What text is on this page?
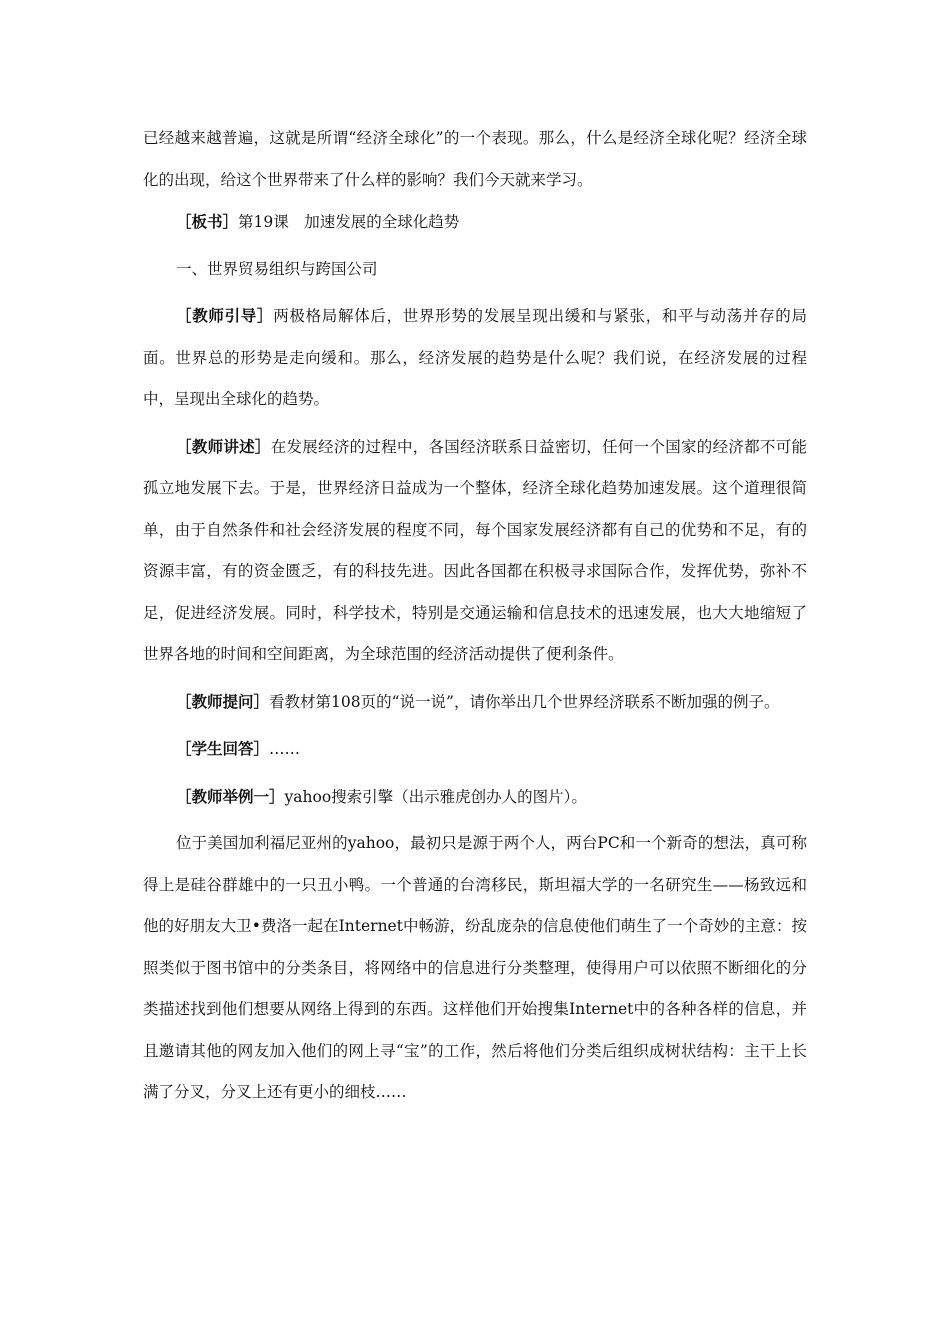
已经越来越普遍，这就是所谓“经济全球化”的一个表现。那么，什么是经济全球化呢？经济全球化的出现，给这个世界带来了什么样的影响？我们今天就来学习。

［板书］第19课　加速发展的全球化趋势

一、世界贸易组织与跨国公司

［教师引导］两极格局解体后，世界形势的发展呈现出缓和与紧张，和平与动荡并存的局面。世界总的形势是走向缓和。那么，经济发展的趋势是什么呢？我们说，在经济发展的过程中，呈现出全球化的趋势。

［教师讲述］在发展经济的过程中，各国经济联系日益密切，任何一个国家的经济都不可能孤立地发展下去。于是，世界经济日益成为一个整体，经济全球化趋势加速发展。这个道理很简单，由于自然条件和社会经济发展的程度不同，每个国家发展经济都有自己的优势和不足，有的资源丰富，有的资金匮乏，有的科技先进。因此各国都在积极寻求国际合作，发挥优势，弥补不足，促进经济发展。同时，科学技术，特别是交通运输和信息技术的迅速发展，也大大地缩短了世界各地的时间和空间距离，为全球范围的经济活动提供了便利条件。

［教师提问］看教材第108页的“说一说”，请你举出几个世界经济联系不断加强的例子。

［学生回答］……

［教师举例一］yahoo搜索引擎（出示雅虎创办人的图片）。

位于美国加利福尼亚州的yahoo，最初只是源于两个人，两台PC和一个新奇的想法，真可称得上是硅谷群雄中的一只丑小鸭。一个普通的台湾移民，斯坦福大学的一名研究生——杨致远和他的好朋友大卫•费洛一起在Internet中畅游，纷乱庞杂的信息使他们萌生了一个奇妙的主意：按照类似于图书馆中的分类条目，将网络中的信息进行分类整理，使得用户可以依照不断细化的分类描述找到他们想要从网络上得到的东西。这样他们开始搜集Internet中的各种各样的信息，并且邀请其他的网友加入他们的网上寻“宝”的工作，然后将他们分类后组织成树状结构：主干上长满了分叉，分叉上还有更小的细枝……
